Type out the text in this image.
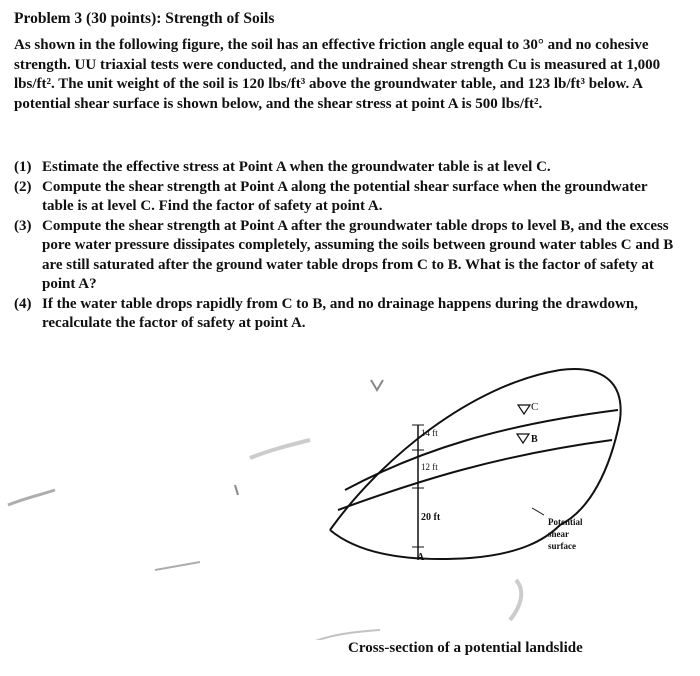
Problem 3 (30 points): Strength of Soils
As shown in the following figure, the soil has an effective friction angle equal to 30° and no cohesive strength. UU triaxial tests were conducted, and the undrained shear strength Cu is measured at 1,000 lbs/ft². The unit weight of the soil is 120 lbs/ft³ above the groundwater table, and 123 lb/ft³ below. A potential shear surface is shown below, and the shear stress at point A is 500 lbs/ft².
(1) Estimate the effective stress at Point A when the groundwater table is at level C.
(2) Compute the shear strength at Point A along the potential shear surface when the groundwater table is at level C. Find the factor of safety at point A.
(3) Compute the shear strength at Point A after the groundwater table drops to level B, and the excess pore water pressure dissipates completely, assuming the soils between ground water tables C and B are still saturated after the ground water table drops from C to B. What is the factor of safety at point A?
(4) If the water table drops rapidly from C to B, and no drainage happens during the drawdown, recalculate the factor of safety at point A.
14 ft
12 ft
20 ft
C
B
A
Potential
shear
surface
Cross-section of a potential landslide
